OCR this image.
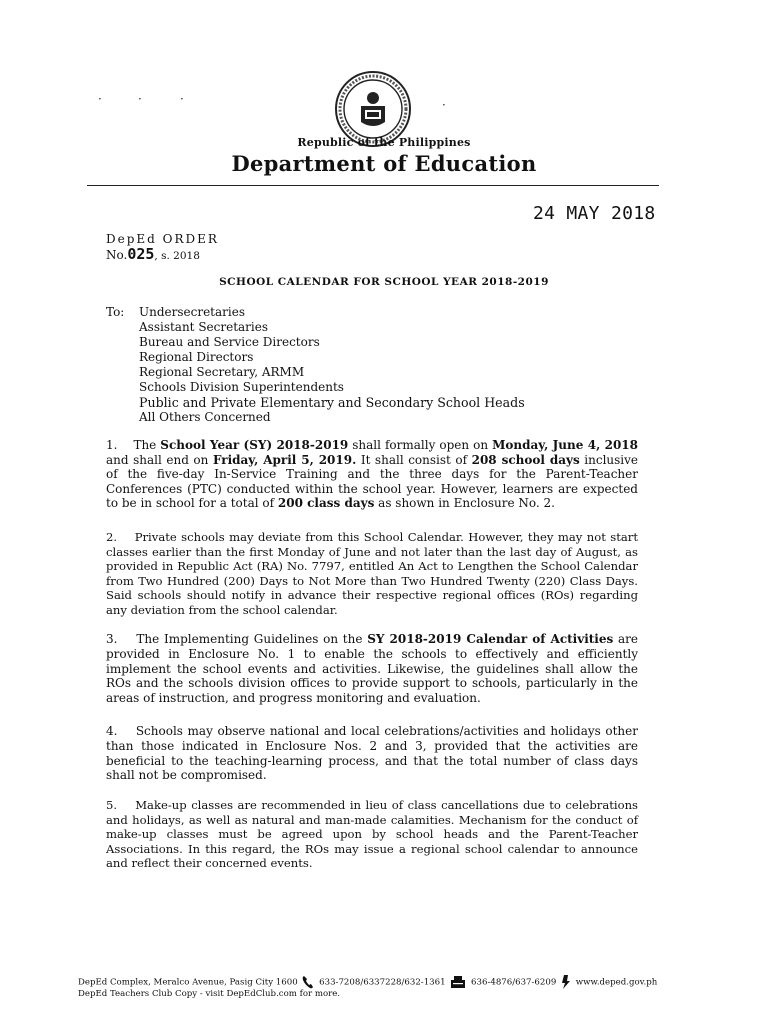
·	·	·	·
Republic of the Philippines
Department of Education
24 MAY 2018
DepEd ORDER
No.025, s. 2018
SCHOOL CALENDAR FOR SCHOOL YEAR 2018-2019
To: Undersecretaries
Assistant Secretaries
Bureau and Service Directors
Regional Directors
Regional Secretary, ARMM
Schools Division Superintendents
Public and Private Elementary and Secondary School Heads
All Others Concerned

1. The School Year (SY) 2018-2019 shall formally open on Monday, June 4, 2018 and shall end on Friday, April 5, 2019. It shall consist of 208 school days inclusive of the five-day In-Service Training and the three days for the Parent-Teacher Conferences (PTC) conducted within the school year. However, learners are expected to be in school for a total of 200 class days as shown in Enclosure No. 2.

2. Private schools may deviate from this School Calendar. However, they may not start classes earlier than the first Monday of June and not later than the last day of August, as provided in Republic Act (RA) No. 7797, entitled An Act to Lengthen the School Calendar from Two Hundred (200) Days to Not More than Two Hundred Twenty (220) Class Days. Said schools should notify in advance their respective regional offices (ROs) regarding any deviation from the school calendar.

3. The Implementing Guidelines on the SY 2018-2019 Calendar of Activities are provided in Enclosure No. 1 to enable the schools to effectively and efficiently implement the school events and activities. Likewise, the guidelines shall allow the ROs and the schools division offices to provide support to schools, particularly in the areas of instruction, and progress monitoring and evaluation.

4. Schools may observe national and local celebrations/activities and holidays other than those indicated in Enclosure Nos. 2 and 3, provided that the activities are beneficial to the teaching-learning process, and that the total number of class days shall not be compromised.

5. Make-up classes are recommended in lieu of class cancellations due to celebrations and holidays, as well as natural and man-made calamities. Mechanism for the conduct of make-up classes must be agreed upon by school heads and the Parent-Teacher Associations. In this regard, the ROs may issue a regional school calendar to announce and reflect their concerned events.

DepEd Complex, Meralco Avenue, Pasig City 1600 633-7208/6337228/632-1361	636-4876/637-6209 www.deped.gov.ph
DepEd Teachers Club Copy - visit DepEdClub.com for more.
